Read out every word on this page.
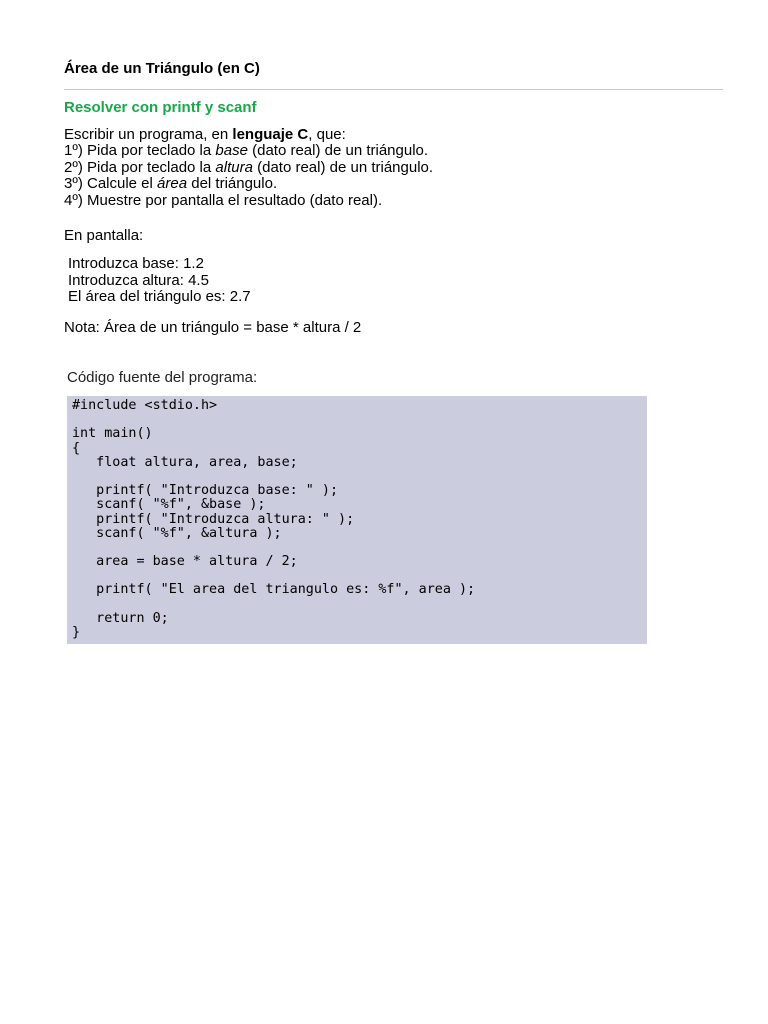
Área de un Triángulo (en C)
Resolver con printf y scanf

Escribir un programa, en lenguaje C, que:

1º) Pida por teclado la base (dato real) de un triángulo.
2º) Pida por teclado la altura (dato real) de un triángulo.
3º) Calcule el área del triángulo.
4º) Muestre por pantalla el resultado (dato real).

En pantalla:

Introduzca base: 1.2
Introduzca altura: 4.5
El área del triángulo es: 2.7

Nota: Área de un triángulo = base * altura / 2

Código fuente del programa:
#include <stdio.h>
int main()
{
float altura, area, base;
printf( "Introduzca base: " );
scanf( "%f", &base );
printf( "Introduzca altura: " );
scanf( "%f", &altura );
area = base * altura / 2;
printf( "El area del triangulo es: %f", area );
return 0;
}
